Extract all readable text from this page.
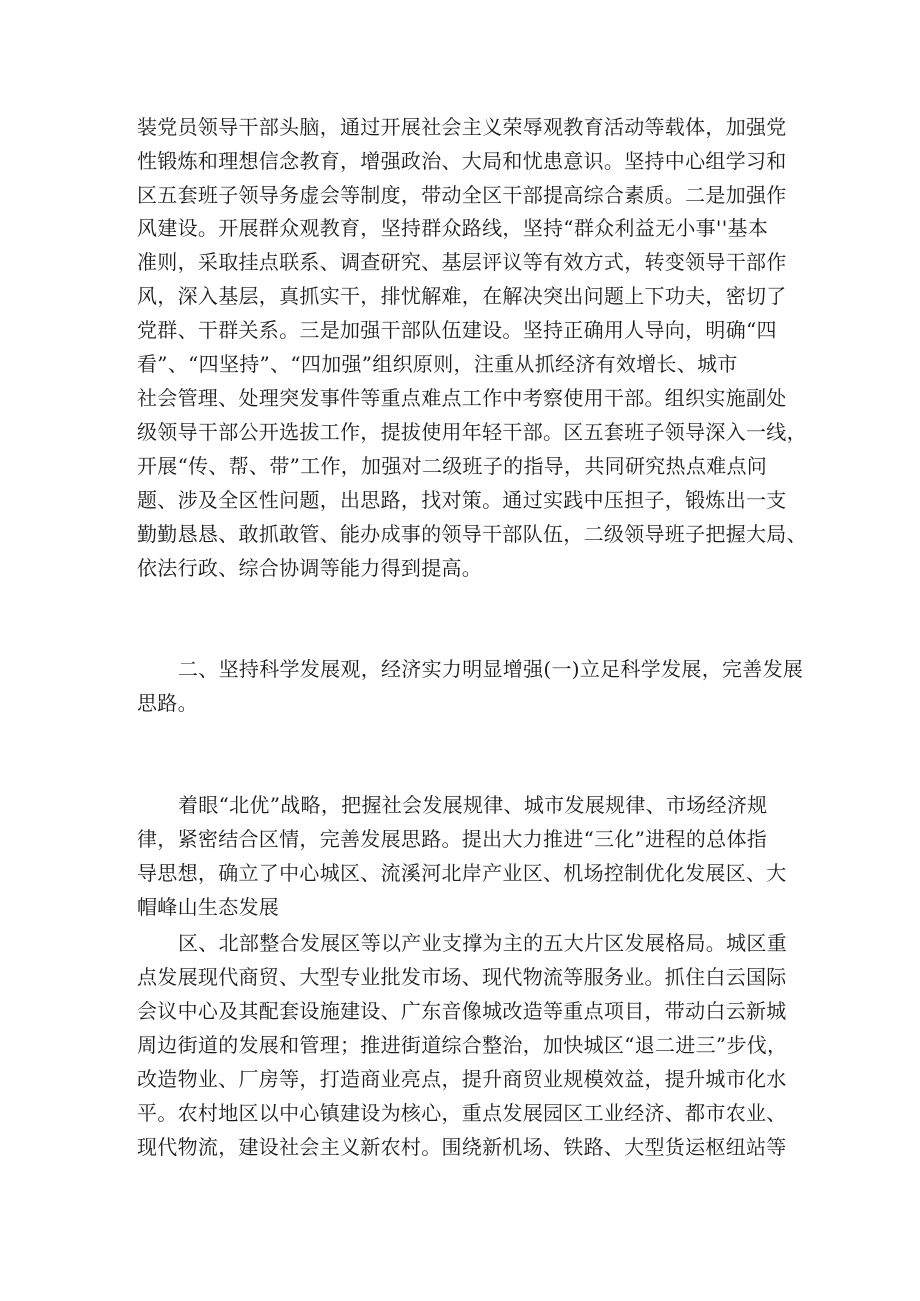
装党员领导干部头脑，通过开展社会主义荣辱观教育活动等载体，加强党
性锻炼和理想信念教育，增强政治、大局和忧患意识。坚持中心组学习和
区五套班子领导务虚会等制度，带动全区干部提高综合素质。二是加强作
风建设。开展群众观教育，坚持群众路线，坚持“群众利益无小事''基本
准则，采取挂点联系、调查研究、基层评议等有效方式，转变领导干部作
风，深入基层，真抓实干，排忧解难，在解决突出问题上下功夫，密切了
党群、干群关系。三是加强干部队伍建设。坚持正确用人导向，明确“四
看”、“四坚持”、“四加强”组织原则，注重从抓经济有效增长、城市
社会管理、处理突发事件等重点难点工作中考察使用干部。组织实施副处
级领导干部公开选拔工作，提拔使用年轻干部。区五套班子领导深入一线，
开展“传、帮、带”工作，加强对二级班子的指导，共同研究热点难点问
题、涉及全区性问题，出思路，找对策。通过实践中压担子，锻炼出一支
勤勤恳恳、敢抓敢管、能办成事的领导干部队伍，二级领导班子把握大局、
依法行政、综合协调等能力得到提高。
二、坚持科学发展观，经济实力明显增强(一)立足科学发展，完善发展
思路。
着眼“北优”战略，把握社会发展规律、城市发展规律、市场经济规
律，紧密结合区情，完善发展思路。提出大力推进“三化”进程的总体指
导思想，确立了中心城区、流溪河北岸产业区、机场控制优化发展区、大
帽峰山生态发展
区、北部整合发展区等以产业支撑为主的五大片区发展格局。城区重
点发展现代商贸、大型专业批发市场、现代物流等服务业。抓住白云国际
会议中心及其配套设施建设、广东音像城改造等重点项目，带动白云新城
周边街道的发展和管理；推进街道综合整治，加快城区“退二进三”步伐，
改造物业、厂房等，打造商业亮点，提升商贸业规模效益，提升城市化水
平。农村地区以中心镇建设为核心，重点发展园区工业经济、都市农业、
现代物流，建设社会主义新农村。围绕新机场、铁路、大型货运枢纽站等
